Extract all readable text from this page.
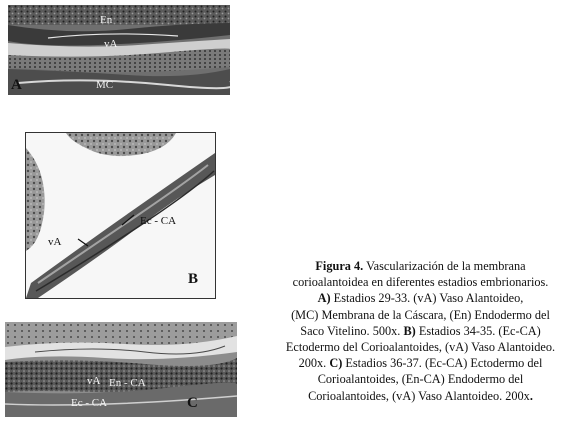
En
vA
MC
A
Ec - CA
vA
B
vA En - CA
Ec - CA	C
Figura 4. Vascularización de la membrana
corioalantoidea en diferentes estadios embrionarios.
A) Estadios 29-33. (vA) Vaso Alantoideo,
(MC) Membrana de la Cáscara, (En) Endodermo del
Saco Vitelino. 500x. B) Estadios 34-35. (Ec-CA)
Ectodermo del Corioalantoides, (vA) Vaso Alantoideo.
200x. C) Estadios 36-37. (Ec-CA) Ectodermo del
Corioalantoides, (En-CA) Endodermo del
Corioalantoides, (vA) Vaso Alantoideo. 200x.
